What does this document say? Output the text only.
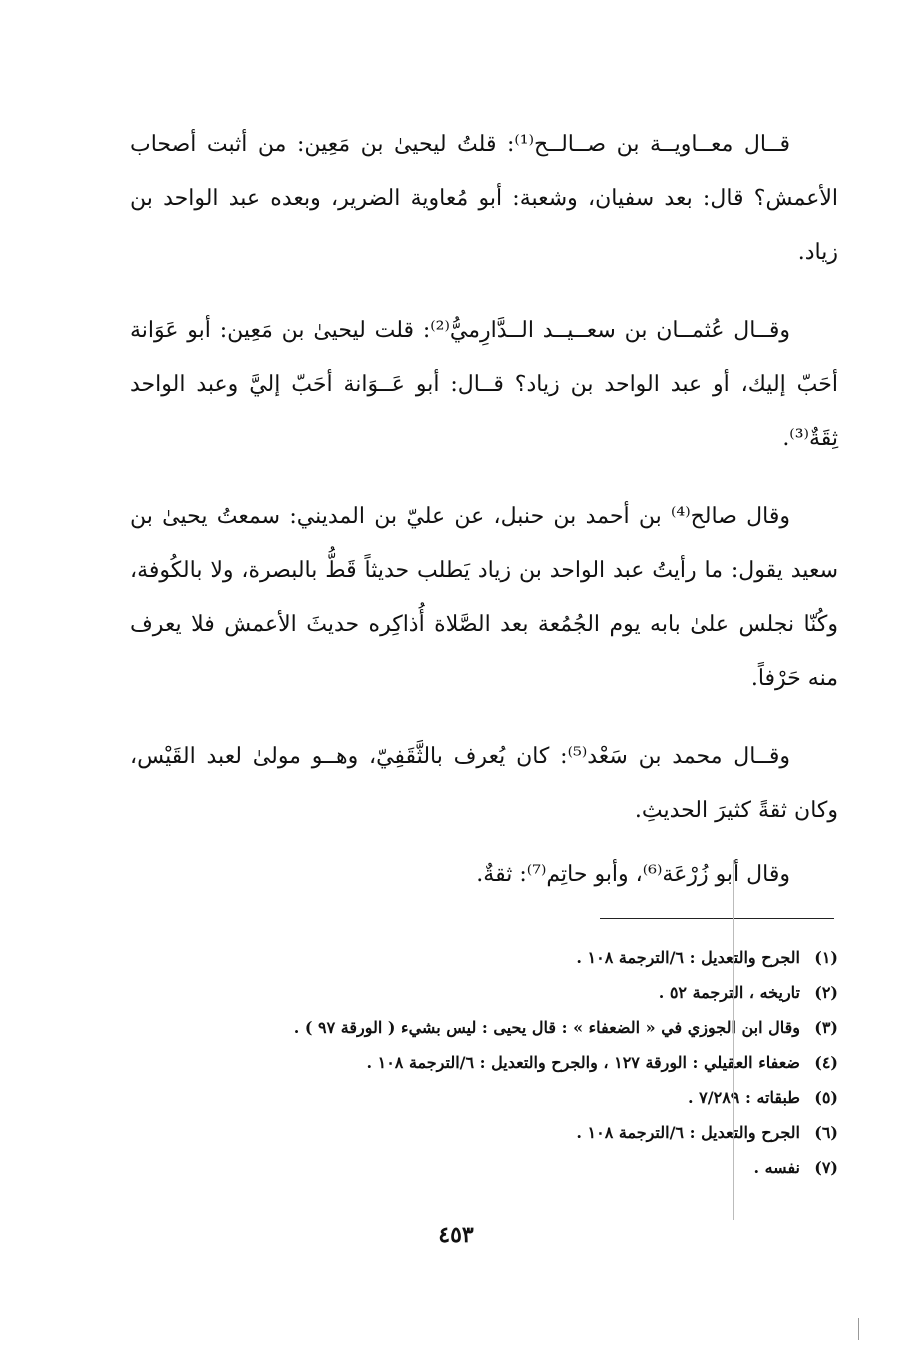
قــال معــاويــة بن صــالــح⁽¹⁾: قلتُ ليحيىٰ بن مَعِين: من أثبت أصحاب الأعمش؟ قال: بعد سفيان، وشعبة: أبو مُعاوية الضرير، وبعده عبد الواحد بن زياد.

وقــال عُثمــان بن سعــيــد الــدَّارِميُّ⁽²⁾: قلت ليحيىٰ بن مَعِين: أبو عَوَانة أحَبّ إليك، أو عبد الواحد بن زياد؟ قــال: أبو عَــوَانة أحَبّ إليَّ وعبد الواحد ثِقَةٌ⁽³⁾.

وقال صالح⁽⁴⁾ بن أحمد بن حنبل، عن عليّ بن المديني: سمعتُ يحيىٰ بن سعيد يقول: ما رأيتُ عبد الواحد بن زياد يَطلب حديثاً قَطُّ بالبصرة، ولا بالكُوفة، وكُنّا نجلس علىٰ بابه يوم الجُمُعة بعد الصَّلاة أُذاكِره حديثَ الأعمش فلا يعرف منه حَرْفاً.

وقــال محمد بن سَعْد⁽⁵⁾: كان يُعرف بالثَّقَفِيّ، وهــو مولىٰ لعبد القَيْس، وكان ثقةً كثيرَ الحديثِ.

وقال أبو زُرْعَة⁽⁶⁾، وأبو حاتِم⁽⁷⁾: ثقةٌ.

(١)الجرح والتعديل : ٦/الترجمة ١٠٨ .
(٢)تاريخه ، الترجمة ٥٢ .
(٣)وقال ابن الجوزي في « الضعفاء » : قال يحيى : ليس بشيء ( الورقة ٩٧ ) .
(٤)ضعفاء العقيلي : الورقة ١٢٧ ، والجرح والتعديل : ٦/الترجمة ١٠٨ .
(٥)طبقاته : ٧/٢٨٩ .
(٦)الجرح والتعديل : ٦/الترجمة ١٠٨ .
(٧)نفسه .
٤٥٣
